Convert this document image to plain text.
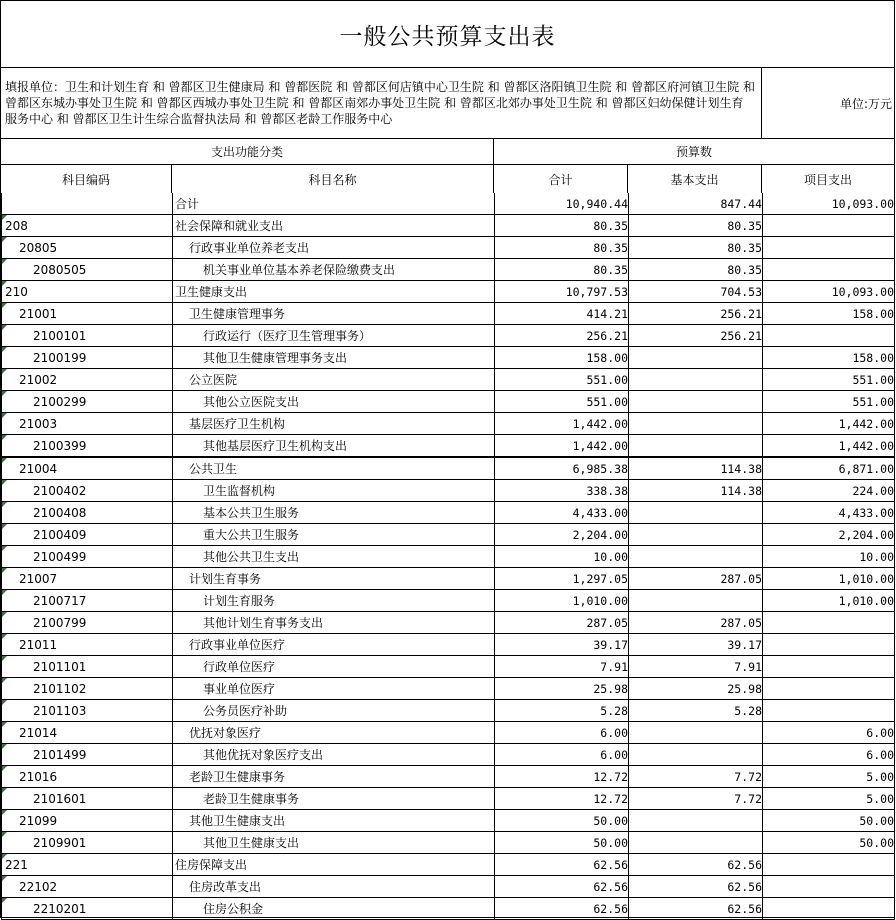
一般公共预算支出表
填报单位：卫生和计划生育 和 曾都区卫生健康局 和 曾都医院 和 曾都区何店镇中心卫生院 和 曾都区洛阳镇卫生院 和 曾都区府河镇卫生院 和 曾都区东城办事处卫生院 和 曾都区西城办事处卫生院 和 曾都区南郊办事处卫生院 和 曾都区北郊办事处卫生院 和 曾都区妇幼保健计划生育服务中心 和 曾都区卫生计生综合监督执法局 和 曾都区老龄工作服务中心
单位:万元
支出功能分类	预算数
科目编码	科目名称	合计	基本支出	项目支出
	合计	10,940.44	847.44	10,093.00
208	社会保障和就业支出	80.35	80.35	
20805	行政事业单位养老支出	80.35	80.35	
2080505	机关事业单位基本养老保险缴费支出	80.35	80.35	
210	卫生健康支出	10,797.53	704.53	10,093.00
21001	卫生健康管理事务	414.21	256.21	158.00
2100101	行政运行（医疗卫生管理事务）	256.21	256.21	
2100199	其他卫生健康管理事务支出	158.00		158.00
21002	公立医院	551.00		551.00
2100299	其他公立医院支出	551.00		551.00
21003	基层医疗卫生机构	1,442.00		1,442.00
2100399	其他基层医疗卫生机构支出	1,442.00		1,442.00
21004	公共卫生	6,985.38	114.38	6,871.00
2100402	卫生监督机构	338.38	114.38	224.00
2100408	基本公共卫生服务	4,433.00		4,433.00
2100409	重大公共卫生服务	2,204.00		2,204.00
2100499	其他公共卫生支出	10.00		10.00
21007	计划生育事务	1,297.05	287.05	1,010.00
2100717	计划生育服务	1,010.00		1,010.00
2100799	其他计划生育事务支出	287.05	287.05	
21011	行政事业单位医疗	39.17	39.17	
2101101	行政单位医疗	7.91	7.91	
2101102	事业单位医疗	25.98	25.98	
2101103	公务员医疗补助	5.28	5.28	
21014	优抚对象医疗	6.00		6.00
2101499	其他优抚对象医疗支出	6.00		6.00
21016	老龄卫生健康事务	12.72	7.72	5.00
2101601	老龄卫生健康事务	12.72	7.72	5.00
21099	其他卫生健康支出	50.00		50.00
2109901	其他卫生健康支出	50.00		50.00
221	住房保障支出	62.56	62.56	
22102	住房改革支出	62.56	62.56	
2210201	住房公积金	62.56	62.56	
